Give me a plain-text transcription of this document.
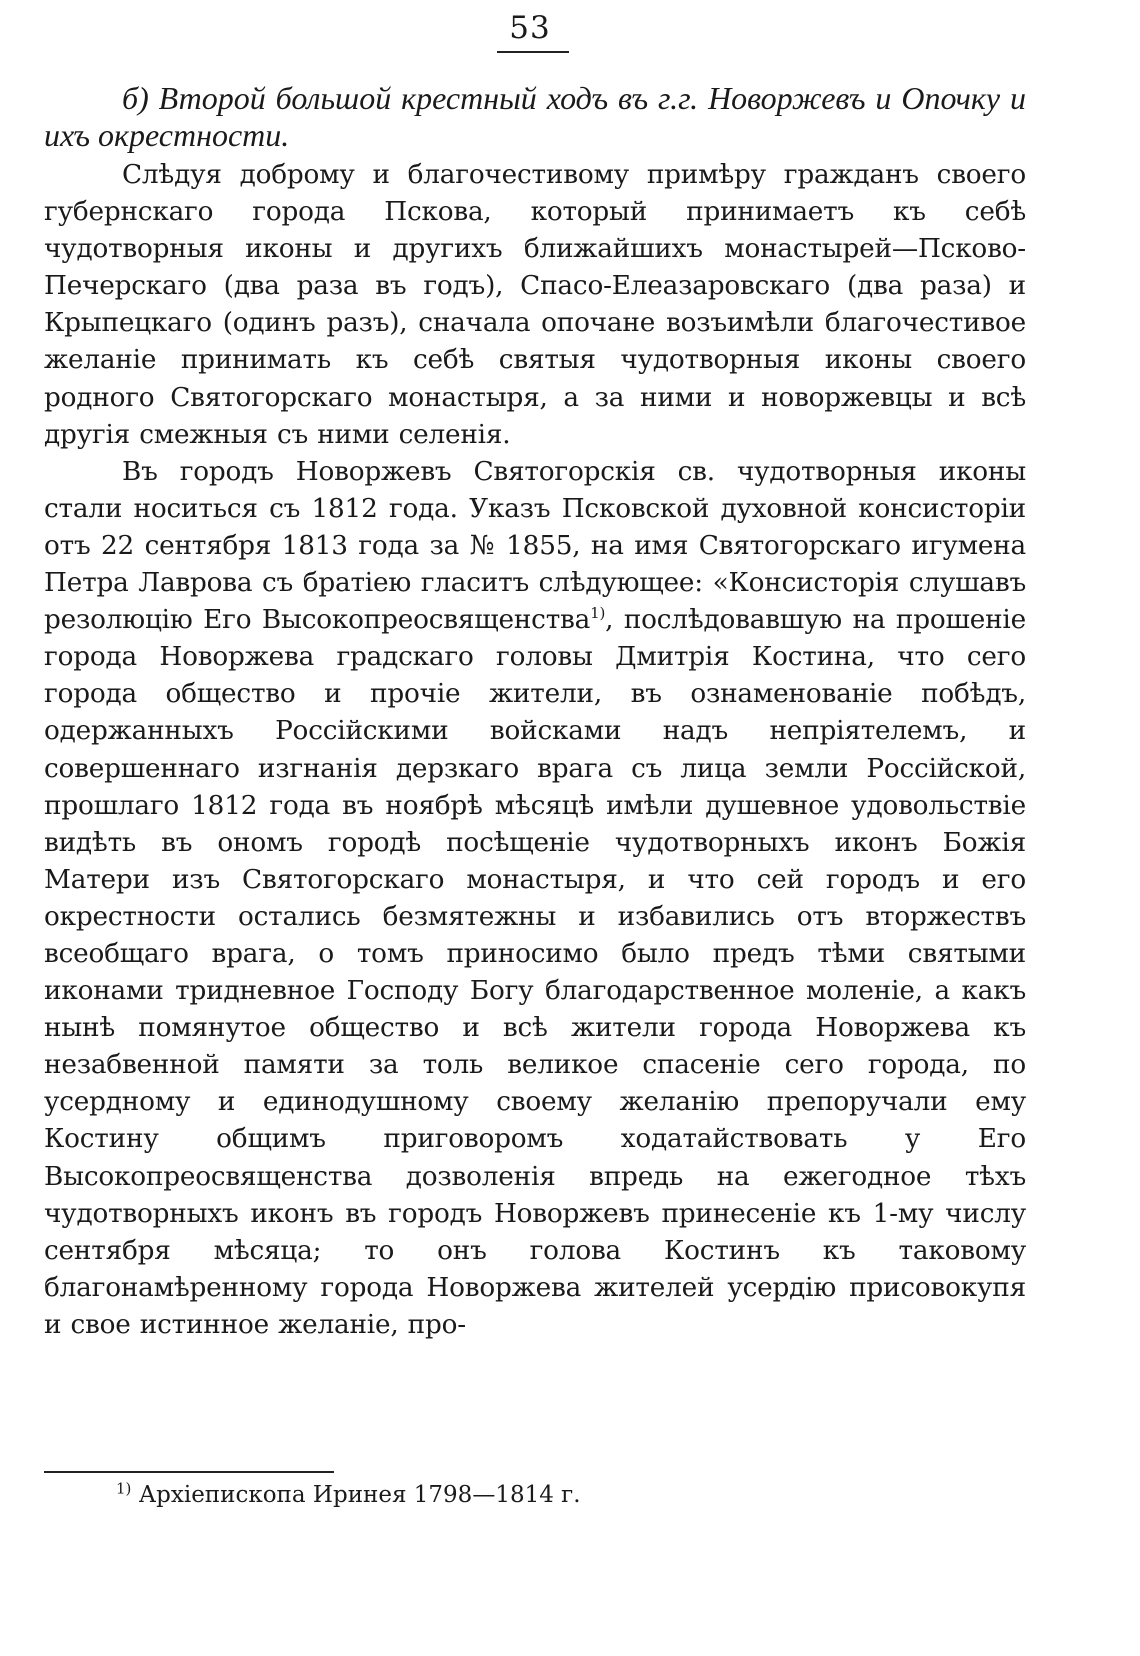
53

б) Второй большой крестный ходъ въ г.г. Новоржевъ и Опочку и ихъ окрестности.

Слѣдуя доброму и благочестивому примѣру гражданъ своего губернскаго города Пскова, который принимаетъ къ себѣ чудотворныя иконы и другихъ ближайшихъ монастырей—Псково-Печерскаго (два раза въ годъ), Спасо-Елеазаровскаго (два раза) и Крыпецкаго (одинъ разъ), сначала опочане возъимѣли благочестивое желаніе принимать къ себѣ святыя чудотворныя иконы своего родного Святогорскаго монастыря, а за ними и новоржевцы и всѣ другія смежныя съ ними селенія.

Въ городъ Новоржевъ Святогорскія св. чудотворныя иконы стали носиться съ 1812 года. Указъ Псковской духовной консисторіи отъ 22 сентября 1813 года за № 1855, на имя Святогорскаго игумена Петра Лаврова съ братіею гласитъ слѣдующее: «Консисторія слушавъ резолюцію Его Высокопреосвященства$^{1)}$, послѣдовавшую на прошеніе города Новоржева градскаго головы Дмитрія Костина, что сего города общество и прочіе жители, въ ознаменованіе побѣдъ, одержанныхъ Россійскими войсками надъ непріятелемъ, и совершеннаго изгнанія дерзкаго врага съ лица земли Россійской, прошлаго 1812 года въ ноябрѣ мѣсяцѣ имѣли душевное удовольствіе видѣть въ ономъ городѣ посѣщеніе чудотворныхъ иконъ Божія Матери изъ Святогорскаго монастыря, и что сей городъ и его окрестности остались безмятежны и избавились отъ вторжествъ всеобщаго врага, о томъ приносимо было предъ тѣми святыми иконами тридневное Господу Богу благодарственное моленіе, а какъ нынѣ помянутое общество и всѣ жители города Новоржева къ незабвенной памяти за толь великое спасеніе сего города, по усердному и единодушному своему желанію препоручали ему Костину общимъ приговоромъ ходатайствовать у Его Высокопреосвященства дозволенія впредь на ежегодное тѣхъ чудотворныхъ иконъ въ городъ Новоржевъ принесеніе къ 1-му числу сентября мѣсяца; то онъ голова Костинъ къ таковому благонамѣренному города Новоржева жителей усердію присовокупя и свое истинное желаніе, про-

$^{1)}$ Архіепископа Иринея 1798—1814 г.
